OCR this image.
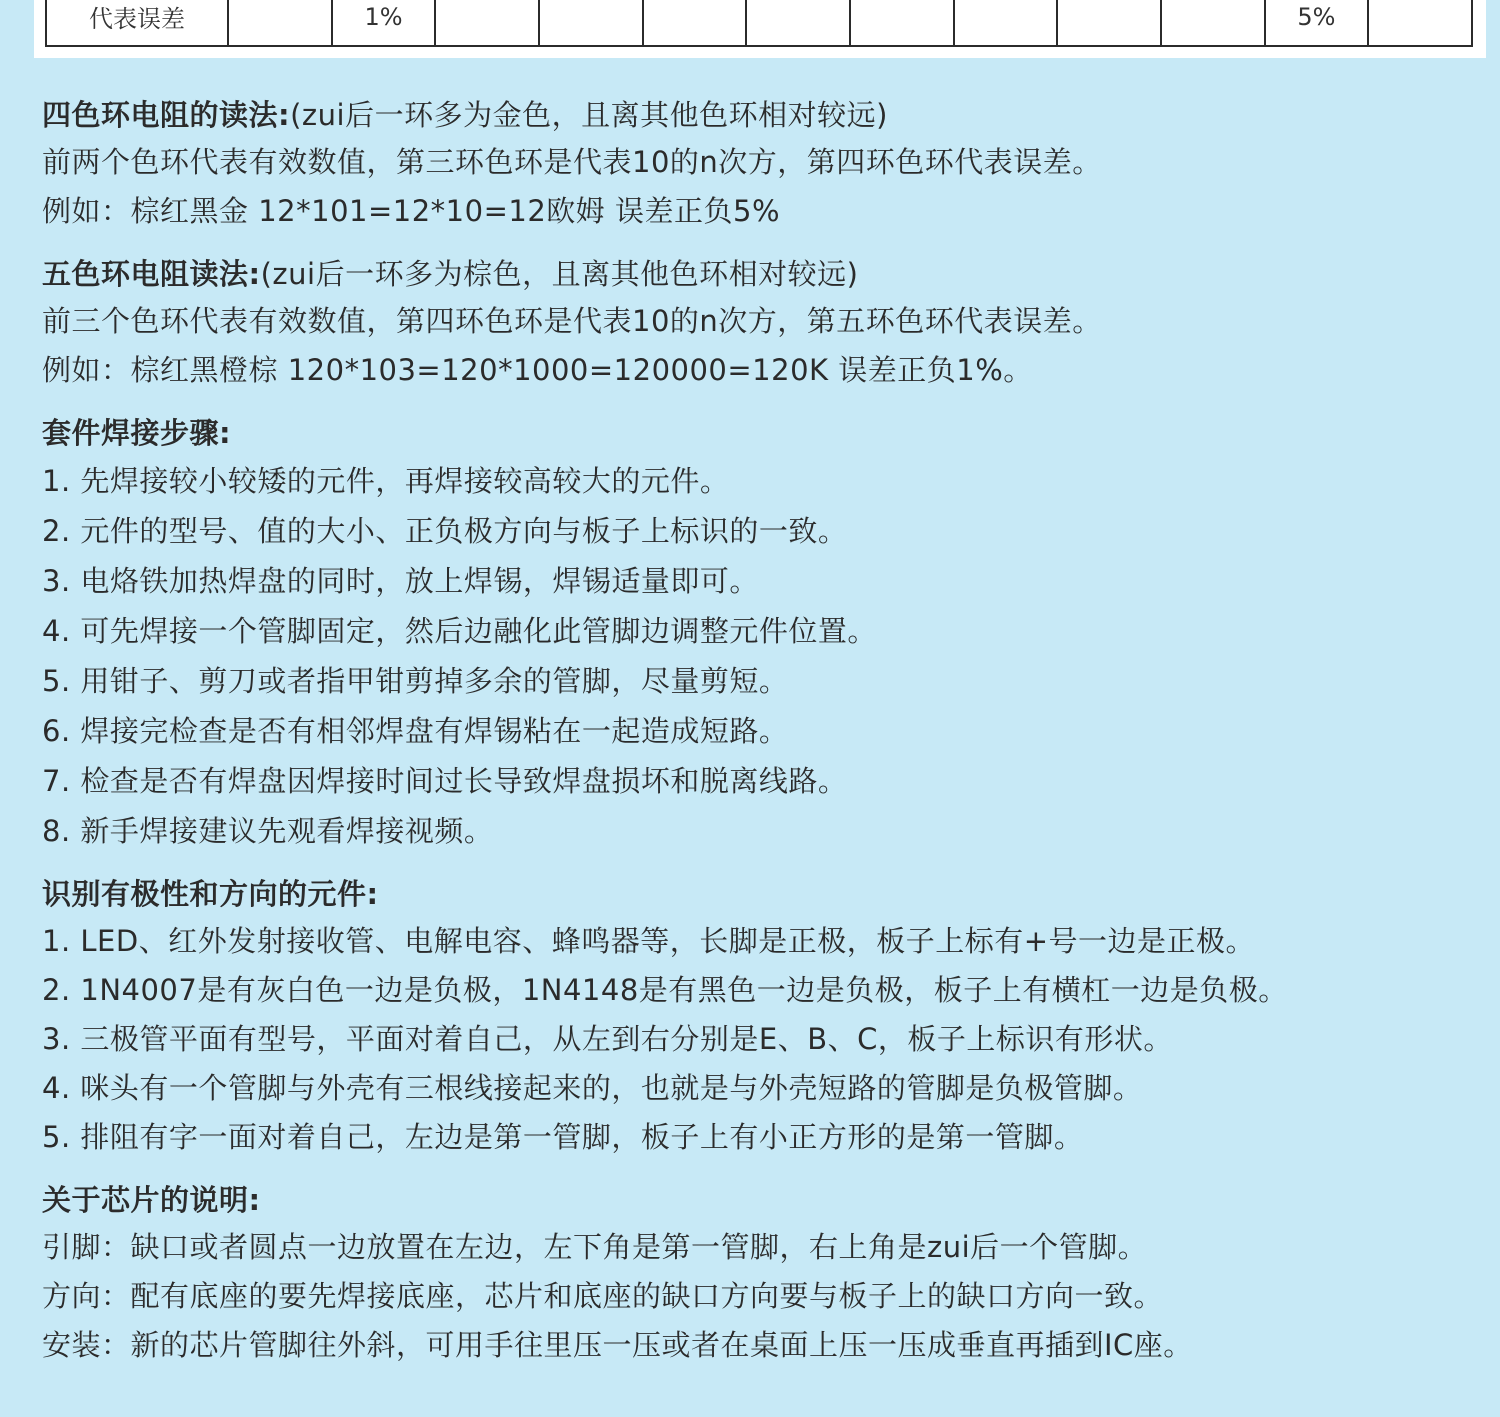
代表误差		1%									5%	
四色环电阻的读法:(zui后一环多为金色，且离其他色环相对较远)
前两个色环代表有效数值，第三环色环是代表10的n次方，第四环色环代表误差。
例如：棕红黑金 12*101=12*10=12欧姆 误差正负5%
五色环电阻读法:(zui后一环多为棕色，且离其他色环相对较远)
前三个色环代表有效数值，第四环色环是代表10的n次方，第五环色环代表误差。
例如：棕红黑橙棕 120*103=120*1000=120000=120K 误差正负1%。
套件焊接步骤:
1. 先焊接较小较矮的元件，再焊接较高较大的元件。
2. 元件的型号、值的大小、正负极方向与板子上标识的一致。
3. 电烙铁加热焊盘的同时，放上焊锡，焊锡适量即可。
4. 可先焊接一个管脚固定，然后边融化此管脚边调整元件位置。
5. 用钳子、剪刀或者指甲钳剪掉多余的管脚，尽量剪短。
6. 焊接完检查是否有相邻焊盘有焊锡粘在一起造成短路。
7. 检查是否有焊盘因焊接时间过长导致焊盘损坏和脱离线路。
8. 新手焊接建议先观看焊接视频。
识别有极性和方向的元件:
1. LED、红外发射接收管、电解电容、蜂鸣器等，长脚是正极，板子上标有+号一边是正极。
2. 1N4007是有灰白色一边是负极，1N4148是有黑色一边是负极，板子上有横杠一边是负极。
3. 三极管平面有型号，平面对着自己，从左到右分别是E、B、C，板子上标识有形状。
4. 咪头有一个管脚与外壳有三根线接起来的，也就是与外壳短路的管脚是负极管脚。
5. 排阻有字一面对着自己，左边是第一管脚，板子上有小正方形的是第一管脚。
关于芯片的说明:
引脚：缺口或者圆点一边放置在左边，左下角是第一管脚，右上角是zui后一个管脚。
方向：配有底座的要先焊接底座，芯片和底座的缺口方向要与板子上的缺口方向一致。
安装：新的芯片管脚往外斜，可用手往里压一压或者在桌面上压一压成垂直再插到IC座。
